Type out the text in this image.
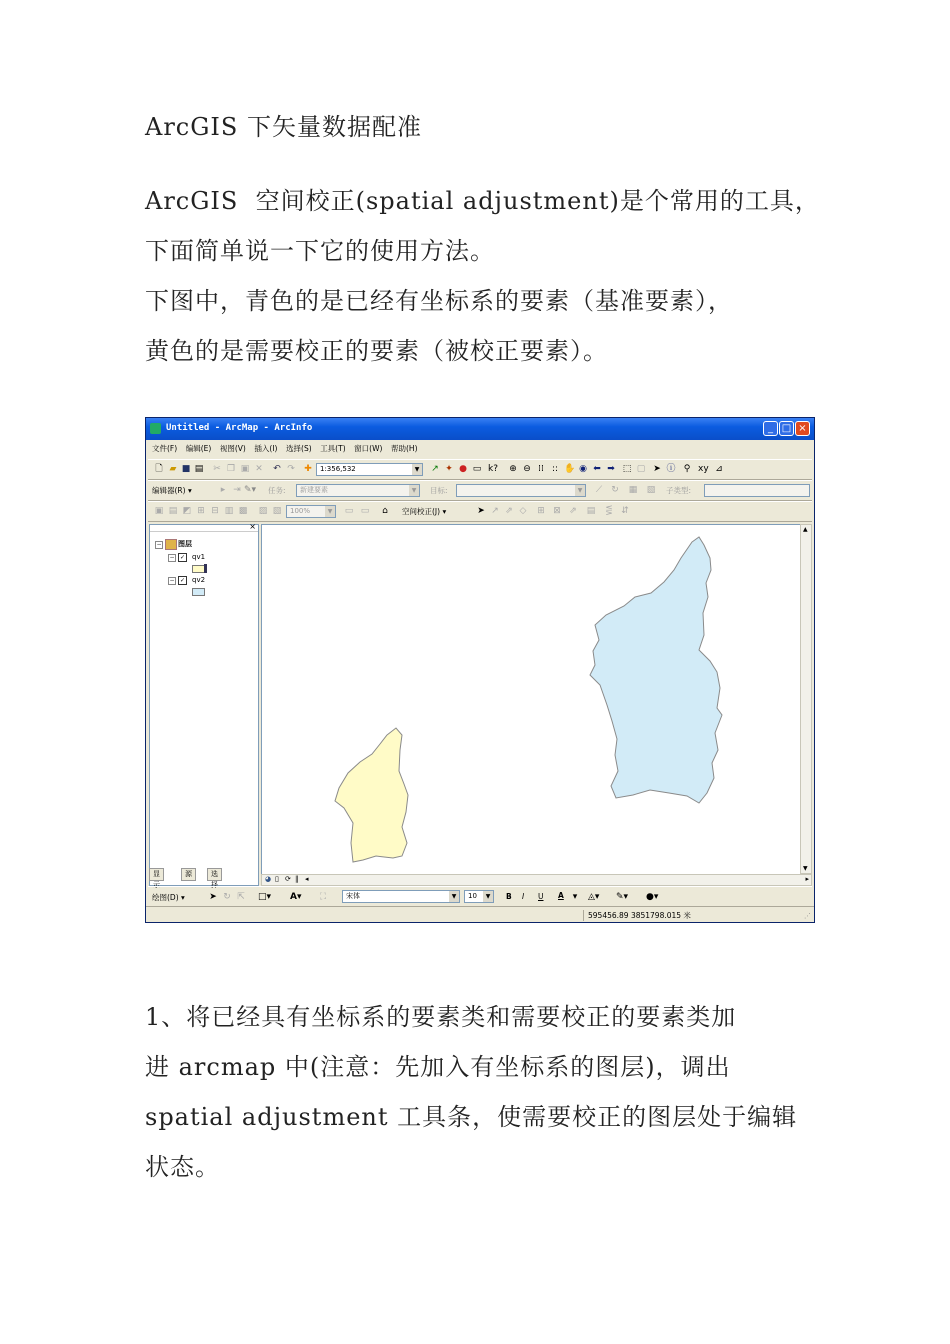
ArcGIS 下矢量数据配准
ArcGIS  空间校正(spatial adjustment)是个常用的工具，
下面简单说一下它的使用方法。
下图中，青色的是已经有坐标系的要素（基准要素），
黄色的是需要校正的要素（被校正要素）。
Untitled - ArcMap - ArcInfo	_ □ ×
文件(F) 编辑(E) 视图(V) 插入(I) 选择(S) 工具(T) 窗口(W) 帮助(H)
🗋 ▰ ■ ▤ ✂ ❐ ▣ ✕ ↶ ↷ ✚	1:356,532	▼ ↗ ✦ ● ▭ k? ⊕ ⊖ ⁞⁞ :: ✋ ◉ ⬅ ➡ ⬚ ▢ ➤ ⓘ ⚲ xy ⊿
编辑器(R) ▾	▸ ⇥ ✎▾ 任务:	新建要素	▼	目标:	▼ ⟋ ↻ ▦ ▧ 子类型:
▣ ▤ ◩ ⊞ ⊟ ▥ ▩ ▨ ▧	100%	▼ ▭ ▭ ⌂ 空间校正(J) ▾	➤ ↗ ⇗ ◇ ⊞ ⊠ ⇗ ▤ ⋚ ⇵
×
− 图层
− ✓ qv1
− ✓ qv2
显示
源	选择
▲
▼
◕ ▯ ⟳ ‖ ◂	▸
绘图(D) ▾	➤ ↻ ⇱ □▾ A▾ ⛶	宋体	▼	10	▼	B I U A ▾	◬▾ ✎▾ ●▾
595456.89 3851798.015 米	⋰
1、将已经具有坐标系的要素类和需要校正的要素类加
进 arcmap 中(注意：先加入有坐标系的图层)，调出
spatial adjustment 工具条，使需要校正的图层处于编辑
状态。
